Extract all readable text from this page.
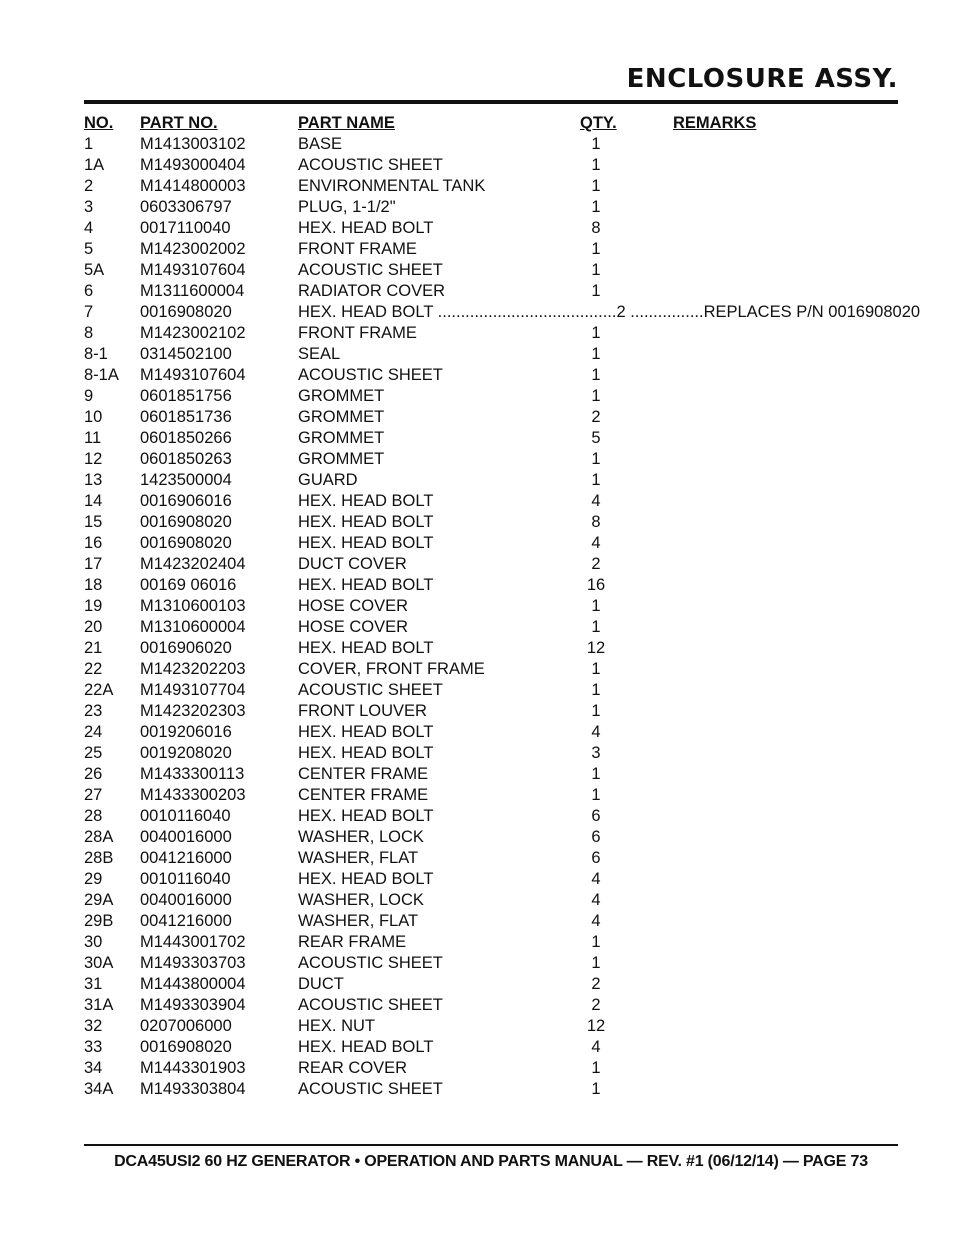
ENCLOSURE ASSY.
NO. PART NO.	PART NAME	QTY.	REMARKS
1	M1413003102	BASE	1
1A M1493000404	ACOUSTIC SHEET	1
2	M1414800003	ENVIRONMENTAL TANK	1
3	0603306797	PLUG, 1-1/2"	1
4	0017110040	HEX. HEAD BOLT	8
5	M1423002002	FRONT FRAME	1
5A M1493107604	ACOUSTIC SHEET	1
6	M1311600004	RADIATOR COVER	1
7	0016908020	HEX. HEAD BOLT .......................................2 ................REPLACES P/N 0016908020
8	M1423002102	FRONT FRAME	1
8-1 0314502100	SEAL	1
8-1A M1493107604	ACOUSTIC SHEET	1
9	0601851756	GROMMET	1
10 0601851736	GROMMET	2
11 0601850266	GROMMET	5
12 0601850263	GROMMET	1
13 1423500004	GUARD	1
14 0016906016	HEX. HEAD BOLT	4
15 0016908020	HEX. HEAD BOLT	8
16 0016908020	HEX. HEAD BOLT	4
17 M1423202404	DUCT COVER	2
18 00169 06016	HEX. HEAD BOLT	16
19 M1310600103	HOSE COVER	1
20 M1310600004	HOSE COVER	1
21 0016906020	HEX. HEAD BOLT	12
22 M1423202203	COVER, FRONT FRAME	1
22A M1493107704	ACOUSTIC SHEET	1
23 M1423202303	FRONT LOUVER	1
24 0019206016	HEX. HEAD BOLT	4
25 0019208020	HEX. HEAD BOLT	3
26 M1433300113	CENTER FRAME	1
27 M1433300203	CENTER FRAME	1
28 0010116040	HEX. HEAD BOLT	6
28A 0040016000	WASHER, LOCK	6
28B 0041216000	WASHER, FLAT	6
29 0010116040	HEX. HEAD BOLT	4
29A 0040016000	WASHER, LOCK	4
29B 0041216000	WASHER, FLAT	4
30 M1443001702	REAR FRAME	1
30A M1493303703	ACOUSTIC SHEET	1
31 M1443800004	DUCT	2
31A M1493303904	ACOUSTIC SHEET	2
32 0207006000	HEX. NUT	12
33 0016908020	HEX. HEAD BOLT	4
34 M1443301903	REAR COVER	1
34A M1493303804	ACOUSTIC SHEET	1
DCA45USI2 60 HZ GENERATOR • OPERATION AND PARTS MANUAL — REV. #1 (06/12/14) — PAGE 73
